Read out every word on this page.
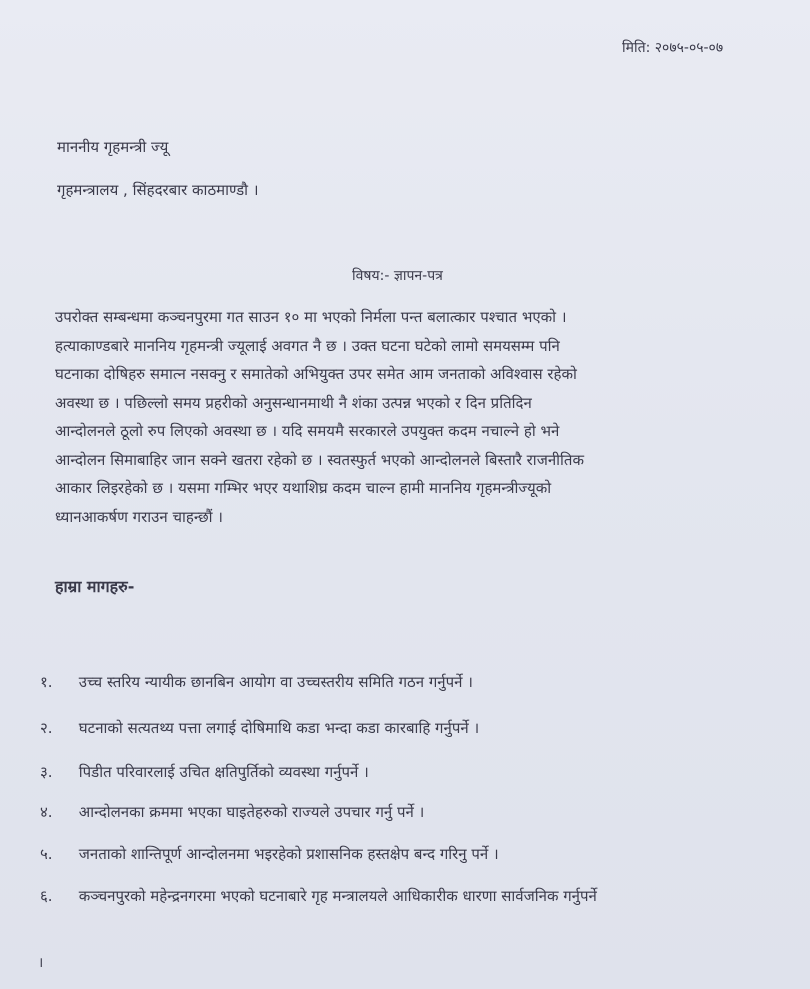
मिति: २०७५-०५-०७
माननीय गृहमन्त्री ज्यू
गृहमन्त्रालय , सिंहदरबार काठमाण्डौ ।
विषय:- ज्ञापन-पत्र
उपरोक्त सम्बन्धमा कञ्चनपुरमा गत साउन १० मा भएको निर्मला पन्त बलात्कार पश्चात भएको ।
हत्याकाण्डबारे माननिय गृहमन्त्री ज्यूलाई अवगत नै छ । उक्त घटना घटेको लामो समयसम्म पनि
घटनाका दोषिहरु समात्न नसक्नु र समातेको अभियुक्त उपर समेत आम जनताको अविश्वास रहेको
अवस्था छ । पछिल्लो समय प्रहरीको अनुसन्धानमाथी नै शंका उत्पन्न भएको र दिन प्रतिदिन
आन्दोलनले ठूलो रुप लिएको अवस्था छ । यदि समयमै सरकारले उपयुक्त कदम नचाल्ने हो भने
आन्दोलन सिमाबाहिर जान सक्ने खतरा रहेको छ । स्वतस्फुर्त भएको आन्दोलनले बिस्तारै राजनीतिक
आकार लिइरहेको छ । यसमा गम्भिर भएर यथाशिघ्र कदम चाल्न हामी माननिय गृहमन्त्रीज्यूको
ध्यानआकर्षण गराउन चाहन्छौं ।
हाम्रा मागहरु-
१. उच्च स्तरिय न्यायीक छानबिन आयोग वा उच्चस्तरीय समिति गठन गर्नुपर्ने ।
२. घटनाको सत्यतथ्य पत्ता लगाई दोषिमाथि कडा भन्दा कडा कारबाहि गर्नुपर्ने ।
३. पिडीत परिवारलाई उचित क्षतिपुर्तिको व्यवस्था गर्नुपर्ने ।
४. आन्दोलनका क्रममा भएका घाइतेहरुको राज्यले उपचार गर्नु पर्ने ।
५. जनताको शान्तिपूर्ण आन्दोलनमा भइरहेको प्रशासनिक हस्तक्षेप बन्द गरिनु पर्ने ।
६. कञ्चनपुरको महेन्द्रनगरमा भएको घटनाबारे गृह मन्त्रालयले आधिकारीक धारणा सार्वजनिक गर्नुपर्ने
।
